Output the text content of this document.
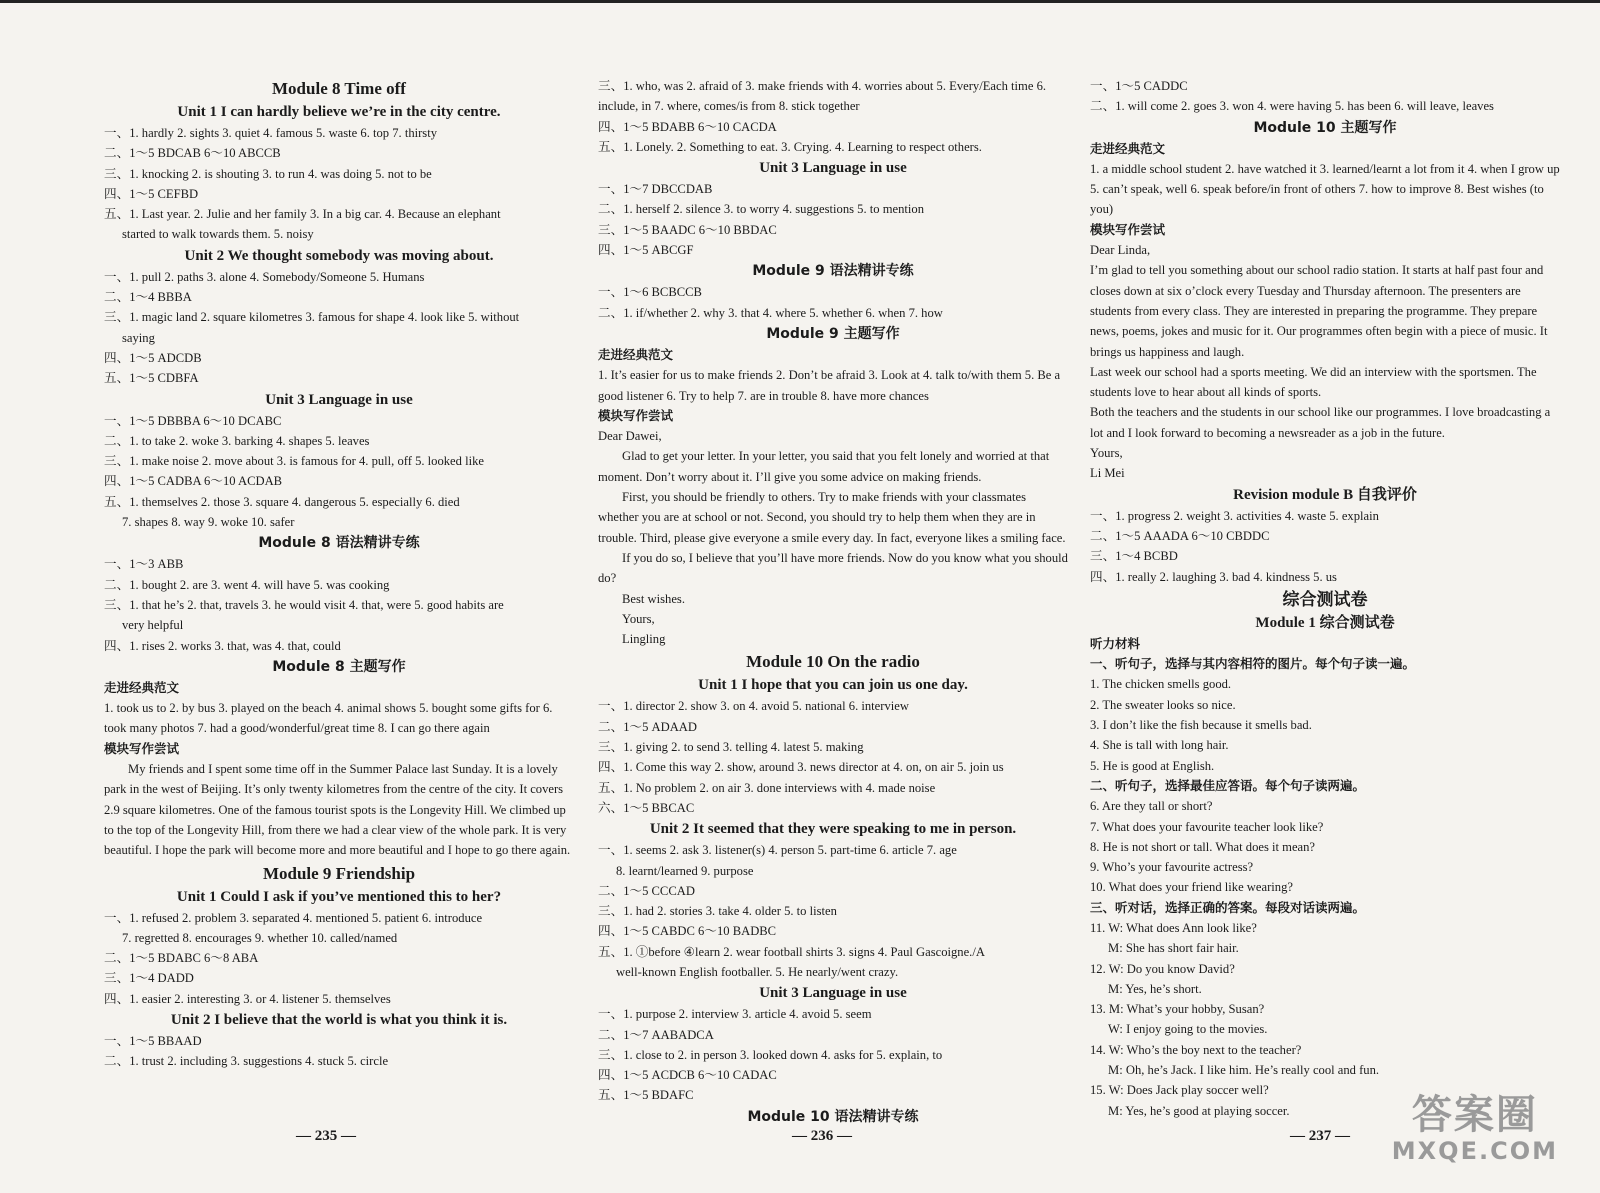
Module 8 Time off

Unit 1 I can hardly believe we’re in the city centre.

一、1. hardly 2. sights 3. quiet 4. famous 5. waste 6. top 7. thirsty

二、1～5 BDCAB 6～10 ABCCB

三、1. knocking 2. is shouting 3. to run 4. was doing 5. not to be

四、1～5 CEFBD

五、1. Last year. 2. Julie and her family 3. In a big car. 4. Because an elephant

started to walk towards them. 5. noisy

Unit 2 We thought somebody was moving about.

一、1. pull 2. paths 3. alone 4. Somebody/Someone 5. Humans

二、1～4 BBBA

三、1. magic land 2. square kilometres 3. famous for shape 4. look like 5. without

saying

四、1～5 ADCDB

五、1～5 CDBFA

Unit 3 Language in use

一、1～5 DBBBA 6～10 DCABC

二、1. to take 2. woke 3. barking 4. shapes 5. leaves

三、1. make noise 2. move about 3. is famous for 4. pull, off 5. looked like

四、1～5 CADBA 6～10 ACDAB

五、1. themselves 2. those 3. square 4. dangerous 5. especially 6. died

7. shapes 8. way 9. woke 10. safer

Module 8 语法精讲专练

一、1～3 ABB

二、1. bought 2. are 3. went 4. will have 5. was cooking

三、1. that he’s 2. that, travels 3. he would visit 4. that, were 5. good habits are

very helpful

四、1. rises 2. works 3. that, was 4. that, could

Module 8 主题写作

走进经典范文

1. took us to 2. by bus 3. played on the beach 4. animal shows 5. bought some gifts for 6. took many photos 7. had a good/wonderful/great time 8. I can go there again

模块写作尝试

My friends and I spent some time off in the Summer Palace last Sunday. It is a lovely park in the west of Beijing. It’s only twenty kilometres from the centre of the city. It covers 2.9 square kilometres. One of the famous tourist spots is the Longevity Hill. We climbed up to the top of the Longevity Hill, from there we had a clear view of the whole park. It is very beautiful. I hope the park will become more and more beautiful and I hope to go there again.

Module 9 Friendship

Unit 1 Could I ask if you’ve mentioned this to her?

一、1. refused 2. problem 3. separated 4. mentioned 5. patient 6. introduce

7. regretted 8. encourages 9. whether 10. called/named

二、1～5 BDABC 6～8 ABA

三、1～4 DADD

四、1. easier 2. interesting 3. or 4. listener 5. themselves

Unit 2 I believe that the world is what you think it is.

一、1～5 BBAAD

二、1. trust 2. including 3. suggestions 4. stuck 5. circle

三、1. who, was 2. afraid of 3. make friends with 4. worries about 5. Every/Each time 6. include, in 7. where, comes/is from 8. stick together

四、1～5 BDABB 6～10 CACDA

五、1. Lonely. 2. Something to eat. 3. Crying. 4. Learning to respect others.

Unit 3 Language in use

一、1～7 DBCCDAB

二、1. herself 2. silence 3. to worry 4. suggestions 5. to mention

三、1～5 BAADC 6～10 BBDAC

四、1～5 ABCGF

Module 9 语法精讲专练

一、1～6 BCBCCB

二、1. if/whether 2. why 3. that 4. where 5. whether 6. when 7. how

Module 9 主题写作

走进经典范文

1. It’s easier for us to make friends 2. Don’t be afraid 3. Look at 4. talk to/with them 5. Be a good listener 6. Try to help 7. are in trouble 8. have more chances

模块写作尝试

Dear Dawei,

Glad to get your letter. In your letter, you said that you felt lonely and worried at that moment. Don’t worry about it. I’ll give you some advice on making friends.

First, you should be friendly to others. Try to make friends with your classmates whether you are at school or not. Second, you should try to help them when they are in trouble. Third, please give everyone a smile every day. In fact, everyone likes a smiling face.

If you do so, I believe that you’ll have more friends. Now do you know what you should do?

Best wishes.

Yours,

Lingling

Module 10 On the radio

Unit 1 I hope that you can join us one day.

一、1. director 2. show 3. on 4. avoid 5. national 6. interview

二、1～5 ADAAD

三、1. giving 2. to send 3. telling 4. latest 5. making

四、1. Come this way 2. show, around 3. news director at 4. on, on air 5. join us

五、1. No problem 2. on air 3. done interviews with 4. made noise

六、1～5 BBCAC

Unit 2 It seemed that they were speaking to me in person.

一、1. seems 2. ask 3. listener(s) 4. person 5. part-time 6. article 7. age

8. learnt/learned 9. purpose

二、1～5 CCCAD

三、1. had 2. stories 3. take 4. older 5. to listen

四、1～5 CABDC 6～10 BADBC

五、1. ①before ④learn 2. wear football shirts 3. signs 4. Paul Gascoigne./A

well-known English footballer. 5. He nearly/went crazy.

Unit 3 Language in use

一、1. purpose 2. interview 3. article 4. avoid 5. seem

二、1～7 AABADCA

三、1. close to 2. in person 3. looked down 4. asks for 5. explain, to

四、1～5 ACDCB 6～10 CADAC

五、1～5 BDAFC

Module 10 语法精讲专练

一、1～5 CADDC

二、1. will come 2. goes 3. won 4. were having 5. has been 6. will leave, leaves

Module 10 主题写作

走进经典范文

1. a middle school student 2. have watched it 3. learned/learnt a lot from it 4. when I grow up 5. can’t speak, well 6. speak before/in front of others 7. how to improve 8. Best wishes (to you)

模块写作尝试

Dear Linda,

I’m glad to tell you something about our school radio station. It starts at half past four and closes down at six o’clock every Tuesday and Thursday afternoon. The presenters are students from every class. They are interested in preparing the programme. They prepare news, poems, jokes and music for it. Our programmes often begin with a piece of music. It brings us happiness and laugh.

Last week our school had a sports meeting. We did an interview with the sportsmen. The students love to hear about all kinds of sports.

Both the teachers and the students in our school like our programmes. I love broadcasting a lot and I look forward to becoming a newsreader as a job in the future.

Yours,

Li Mei

Revision module B 自我评价

一、1. progress 2. weight 3. activities 4. waste 5. explain

二、1～5 AAADA 6～10 CBDDC

三、1～4 BCBD

四、1. really 2. laughing 3. bad 4. kindness 5. us

综合测试卷

Module 1 综合测试卷

听力材料

一、听句子，选择与其内容相符的图片。每个句子读一遍。

1. The chicken smells good.

2. The sweater looks so nice.

3. I don’t like the fish because it smells bad.

4. She is tall with long hair.

5. He is good at English.

二、听句子，选择最佳应答语。每个句子读两遍。

6. Are they tall or short?

7. What does your favourite teacher look like?

8. He is not short or tall. What does it mean?

9. Who’s your favourite actress?

10. What does your friend like wearing?

三、听对话，选择正确的答案。每段对话读两遍。

11. W: What does Ann look like?

M: She has short fair hair.

12. W: Do you know David?

M: Yes, he’s short.

13. M: What’s your hobby, Susan?

W: I enjoy going to the movies.

14. W: Who’s the boy next to the teacher?

M: Oh, he’s Jack. I like him. He’s really cool and fun.

15. W: Does Jack play soccer well?

M: Yes, he’s good at playing soccer.

— 235 —	— 236 —	— 237 —	答案圈
MXQE.COM
